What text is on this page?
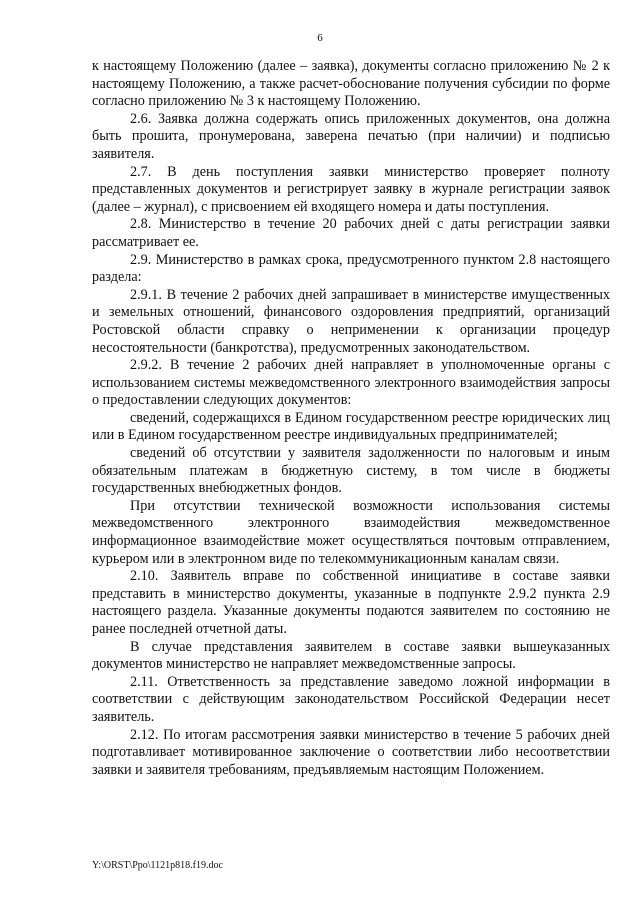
6

к настоящему Положению (далее – заявка), документы согласно приложению № 2 к настоящему Положению, а также расчет-обоснование получения субсидии по форме согласно приложению № 3 к настоящему Положению.

2.6. Заявка должна содержать опись приложенных документов, она должна быть прошита, пронумерована, заверена печатью (при наличии) и подписью заявителя.

2.7. В день поступления заявки министерство проверяет полноту представленных документов и регистрирует заявку в журнале регистрации заявок (далее – журнал), с присвоением ей входящего номера и даты поступления.

2.8. Министерство в течение 20 рабочих дней с даты регистрации заявки рассматривает ее.

2.9. Министерство в рамках срока, предусмотренного пунктом 2.8 настоящего раздела:

2.9.1. В течение 2 рабочих дней запрашивает в министерстве имущественных и земельных отношений, финансового оздоровления предприятий, организаций Ростовской области справку о неприменении к организации процедур несостоятельности (банкротства), предусмотренных законодательством.

2.9.2. В течение 2 рабочих дней направляет в уполномоченные органы с использованием системы межведомственного электронного взаимодействия запросы о предоставлении следующих документов:

сведений, содержащихся в Едином государственном реестре юридических лиц или в Едином государственном реестре индивидуальных предпринимателей;

сведений об отсутствии у заявителя задолженности по налоговым и иным обязательным платежам в бюджетную систему, в том числе в бюджеты государственных внебюджетных фондов.

При отсутствии технической возможности использования системы межведомственного электронного взаимодействия межведомственное информационное взаимодействие может осуществляться почтовым отправлением, курьером или в электронном виде по телекоммуникационным каналам связи.

2.10. Заявитель вправе по собственной инициативе в составе заявки представить в министерство документы, указанные в подпункте 2.9.2 пункта 2.9 настоящего раздела. Указанные документы подаются заявителем по состоянию не ранее последней отчетной даты.

В случае представления заявителем в составе заявки вышеуказанных документов министерство не направляет межведомственные запросы.

2.11. Ответственность за представление заведомо ложной информации в соответствии с действующим законодательством Российской Федерации несет заявитель.

2.12. По итогам рассмотрения заявки министерство в течение 5 рабочих дней подготавливает мотивированное заключение о соответствии либо несоответствии заявки и заявителя требованиям, предъявляемым настоящим Положением.

Y:\ORST\Ppo\1121p818.f19.doc
